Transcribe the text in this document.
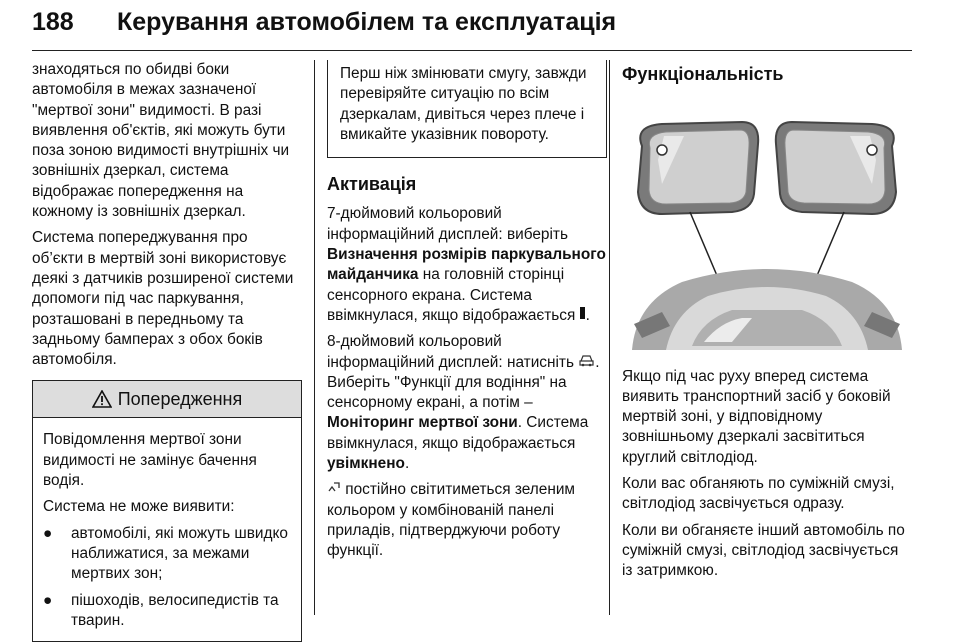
188 Керування автомобілем та експлуатація

знаходяться по обидві боки автомобіля в межах зазначеної "мертвої зони" видимості. В разі виявлення об'єктів, які можуть бути поза зоною видимості внутрішніх чи зовнішніх дзеркал, система відображає попередження на кожному із зовнішніх дзеркал.

Система попереджування про об’єкти в мертвій зоні використовує деякі з датчиків розширеної системи допомоги під час паркування, розташовані в передньому та задньому бамперах з обох боків автомобіля.

Попередження

Повідомлення мертвої зони видимості не замінує бачення водія.

Система не може виявити:

● автомобілі, які можуть швидко наближатися, за межами мертвих зон;
● пішоходів, велосипедистів та тварин.
Перш ніж змінювати смугу, завжди перевіряйте ситуацію по всім дзеркалам, дивіться через плече і вмикайте указівник повороту.
Активація

7-дюймовий кольоровий інформаційний дисплей: виберіть Визначення розмірів паркувального майданчика на головній сторінці сенсорного екрана. Система ввімкнулася, якщо відображається .

8-дюймовий кольоровий інформаційний дисплей: натисніть . Виберіть "Функції для водіння" на сенсорному екрані, а потім – Моніторинг мертвої зони. Система ввімкнулася, якщо відображається увімкнено.

постійно світитиметься зеленим кольором у комбінованій панелі приладів, підтверджуючи роботу функції.

Функціональність

Якщо під час руху вперед система виявить транспортний засіб у боковій мертвій зоні, у відповідному зовнішньому дзеркалі засвітиться круглий світлодіод.

Коли вас обганяють по суміжній смузі, світлодіод засвічується одразу.

Коли ви обганяєте інший автомобіль по суміжній смузі, світлодіод засвічується із затримкою.
